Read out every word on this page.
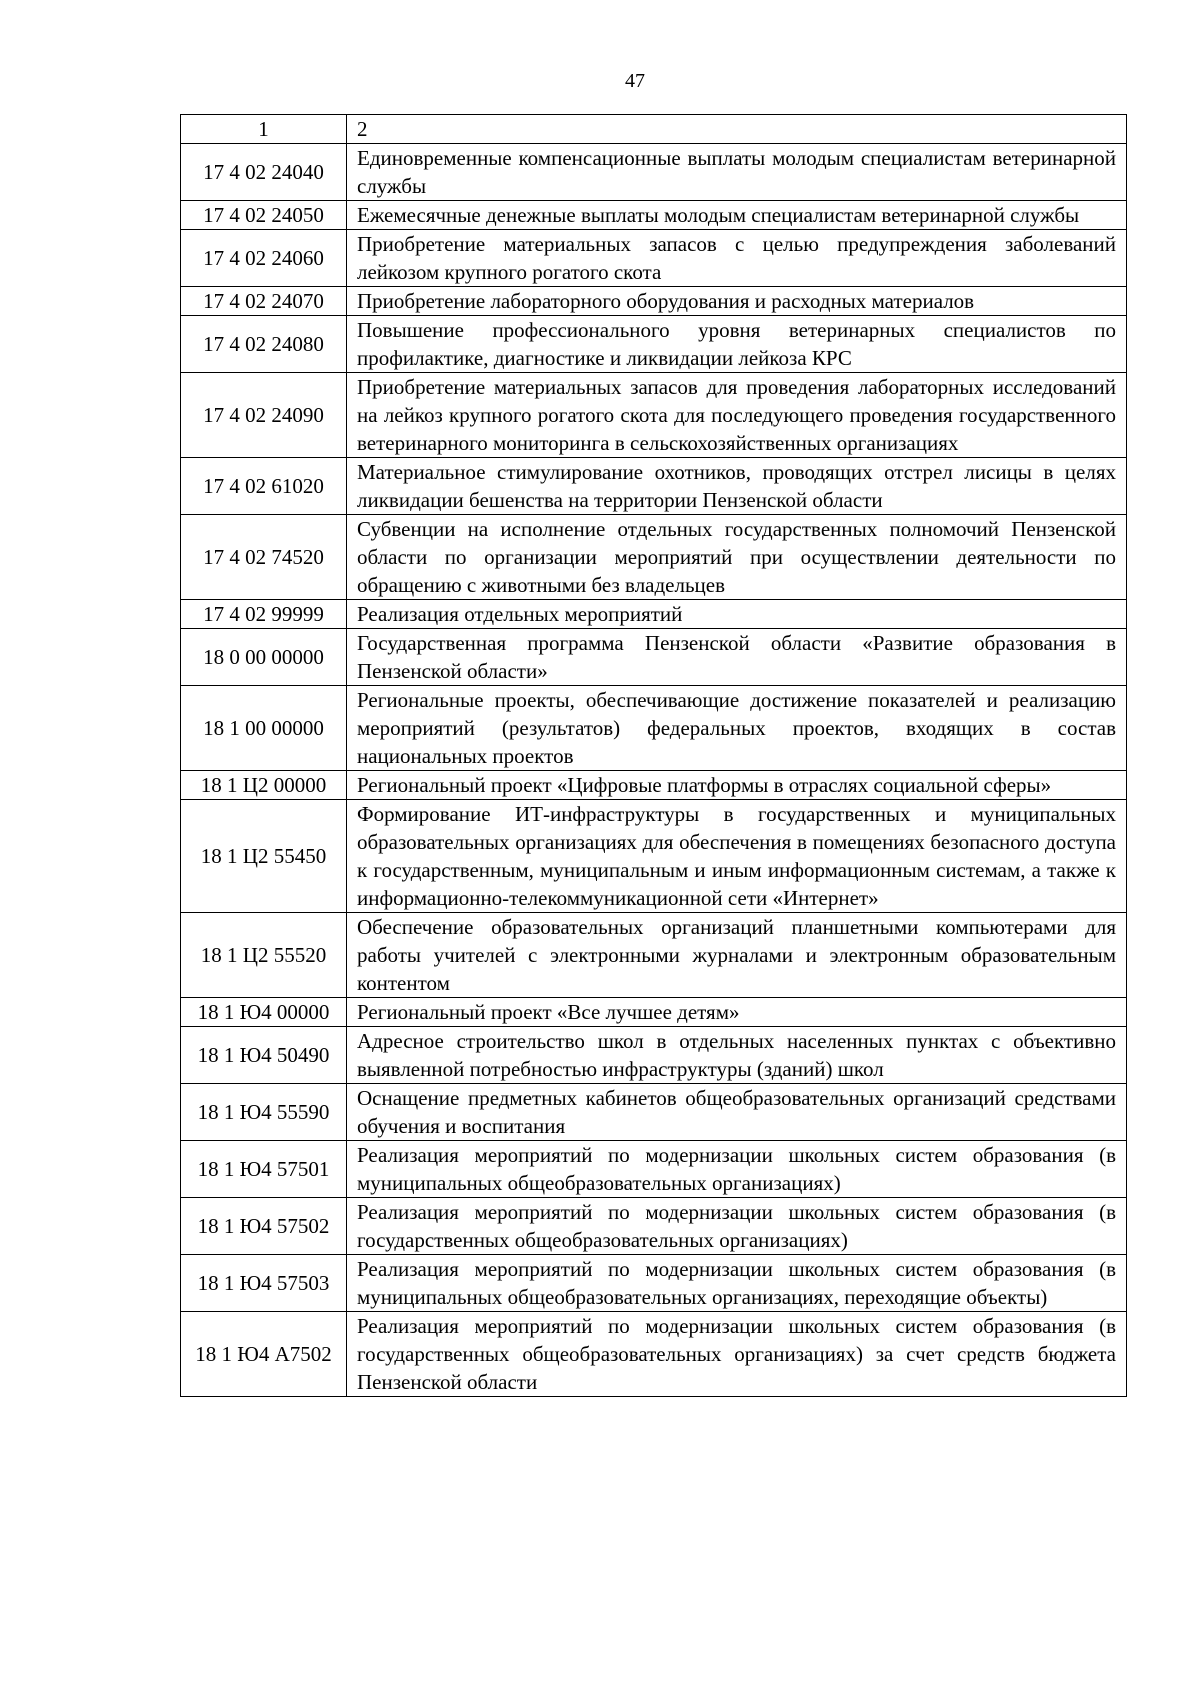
47
1	2
17 4 02 24040	Единовременные компенсационные выплаты молодым специалистам ветеринарной службы
17 4 02 24050	Ежемесячные денежные выплаты молодым специалистам ветеринарной службы
17 4 02 24060	Приобретение материальных запасов с целью предупреждения заболеваний лейкозом крупного рогатого скота
17 4 02 24070	Приобретение лабораторного оборудования и расходных материалов
17 4 02 24080	Повышение профессионального уровня ветеринарных специалистов по профилактике, диагностике и ликвидации лейкоза КРС
17 4 02 24090	Приобретение материальных запасов для проведения лабораторных исследований на лейкоз крупного рогатого скота для последующего проведения государственного ветеринарного мониторинга в сельскохозяйственных организациях
17 4 02 61020	Материальное стимулирование охотников, проводящих отстрел лисицы в целях ликвидации бешенства на территории Пензенской области
17 4 02 74520	Субвенции на исполнение отдельных государственных полномочий Пензенской области по организации мероприятий при осуществлении деятельности по обращению с животными без владельцев
17 4 02 99999	Реализация отдельных мероприятий
18 0 00 00000	Государственная программа Пензенской области «Развитие образования в Пензенской области»
18 1 00 00000	Региональные проекты, обеспечивающие достижение показателей и реализацию мероприятий (результатов) федеральных проектов, входящих в состав национальных проектов
18 1 Ц2 00000	Региональный проект «Цифровые платформы в отраслях социальной сферы»
18 1 Ц2 55450	Формирование ИТ-инфраструктуры в государственных и муниципальных образовательных организациях для обеспечения в помещениях безопасного доступа к государственным, муниципальным и иным информационным системам, а также к информационно-телекоммуникационной сети «Интернет»
18 1 Ц2 55520	Обеспечение образовательных организаций планшетными компьютерами для работы учителей с электронными журналами и электронным образовательным контентом
18 1 Ю4 00000	Региональный проект «Все лучшее детям»
18 1 Ю4 50490	Адресное строительство школ в отдельных населенных пунктах с объективно выявленной потребностью инфраструктуры (зданий) школ
18 1 Ю4 55590	Оснащение предметных кабинетов общеобразовательных организаций средствами обучения и воспитания
18 1 Ю4 57501	Реализация мероприятий по модернизации школьных систем образования (в муниципальных общеобразовательных организациях)
18 1 Ю4 57502	Реализация мероприятий по модернизации школьных систем образования (в государственных общеобразовательных организациях)
18 1 Ю4 57503	Реализация мероприятий по модернизации школьных систем образования (в муниципальных общеобразовательных организациях, переходящие объекты)
18 1 Ю4 А7502	Реализация мероприятий по модернизации школьных систем образования (в государственных общеобразовательных организациях) за счет средств бюджета Пензенской области
